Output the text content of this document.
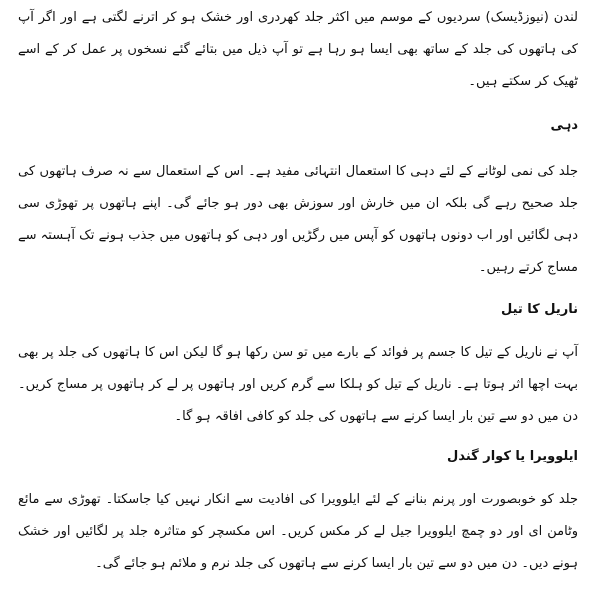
لندن (نیوزڈیسک) سردیوں کے موسم میں اکثر جلد کھردری اور خشک ہو کر اترنے لگتی ہے اور اگر آپ کی ہاتھوں کی جلد کے ساتھ بھی ایسا ہو رہا ہے تو آپ ذیل میں بتائے گئے نسخوں پر عمل کر کے اسے ٹھیک کر سکتے ہیں۔

دہی

جلد کی نمی لوٹانے کے لئے دہی کا استعمال انتہائی مفید ہے۔ اس کے استعمال سے نہ صرف ہاتھوں کی جلد صحیح رہے گی بلکہ ان میں خارش اور سوزش بھی دور ہو جائے گی۔ اپنے ہاتھوں پر تھوڑی سی دہی لگائیں اور اب دونوں ہاتھوں کو آپس میں رگڑیں اور دہی کو ہاتھوں میں جذب ہونے تک آہستہ سے مساج کرتے رہیں۔

ناریل کا تیل

آپ نے ناریل کے تیل کا جسم پر فوائد کے بارے میں تو سن رکھا ہو گا لیکن اس کا ہاتھوں کی جلد پر بھی بہت اچھا اثر ہوتا ہے۔ ناریل کے تیل کو ہلکا سے گرم کریں اور ہاتھوں پر لے کر ہاتھوں پر مساج کریں۔ دن میں دو سے تین بار ایسا کرنے سے ہاتھوں کی جلد کو کافی افاقہ ہو گا۔

ایلوویرا یا کوار گندل

جلد کو خوبصورت اور پرنم بنانے کے لئے ایلوویرا کی افادیت سے انکار نہیں کیا جاسکتا۔ تھوڑی سے مائع وٹامن ای اور دو چمچ ایلوویرا جیل لے کر مکس کریں۔ اس مکسچر کو متاثرہ جلد پر لگائیں اور خشک ہونے دیں۔ دن میں دو سے تین بار ایسا کرنے سے ہاتھوں کی جلد نرم و ملائم ہو جائے گی۔
